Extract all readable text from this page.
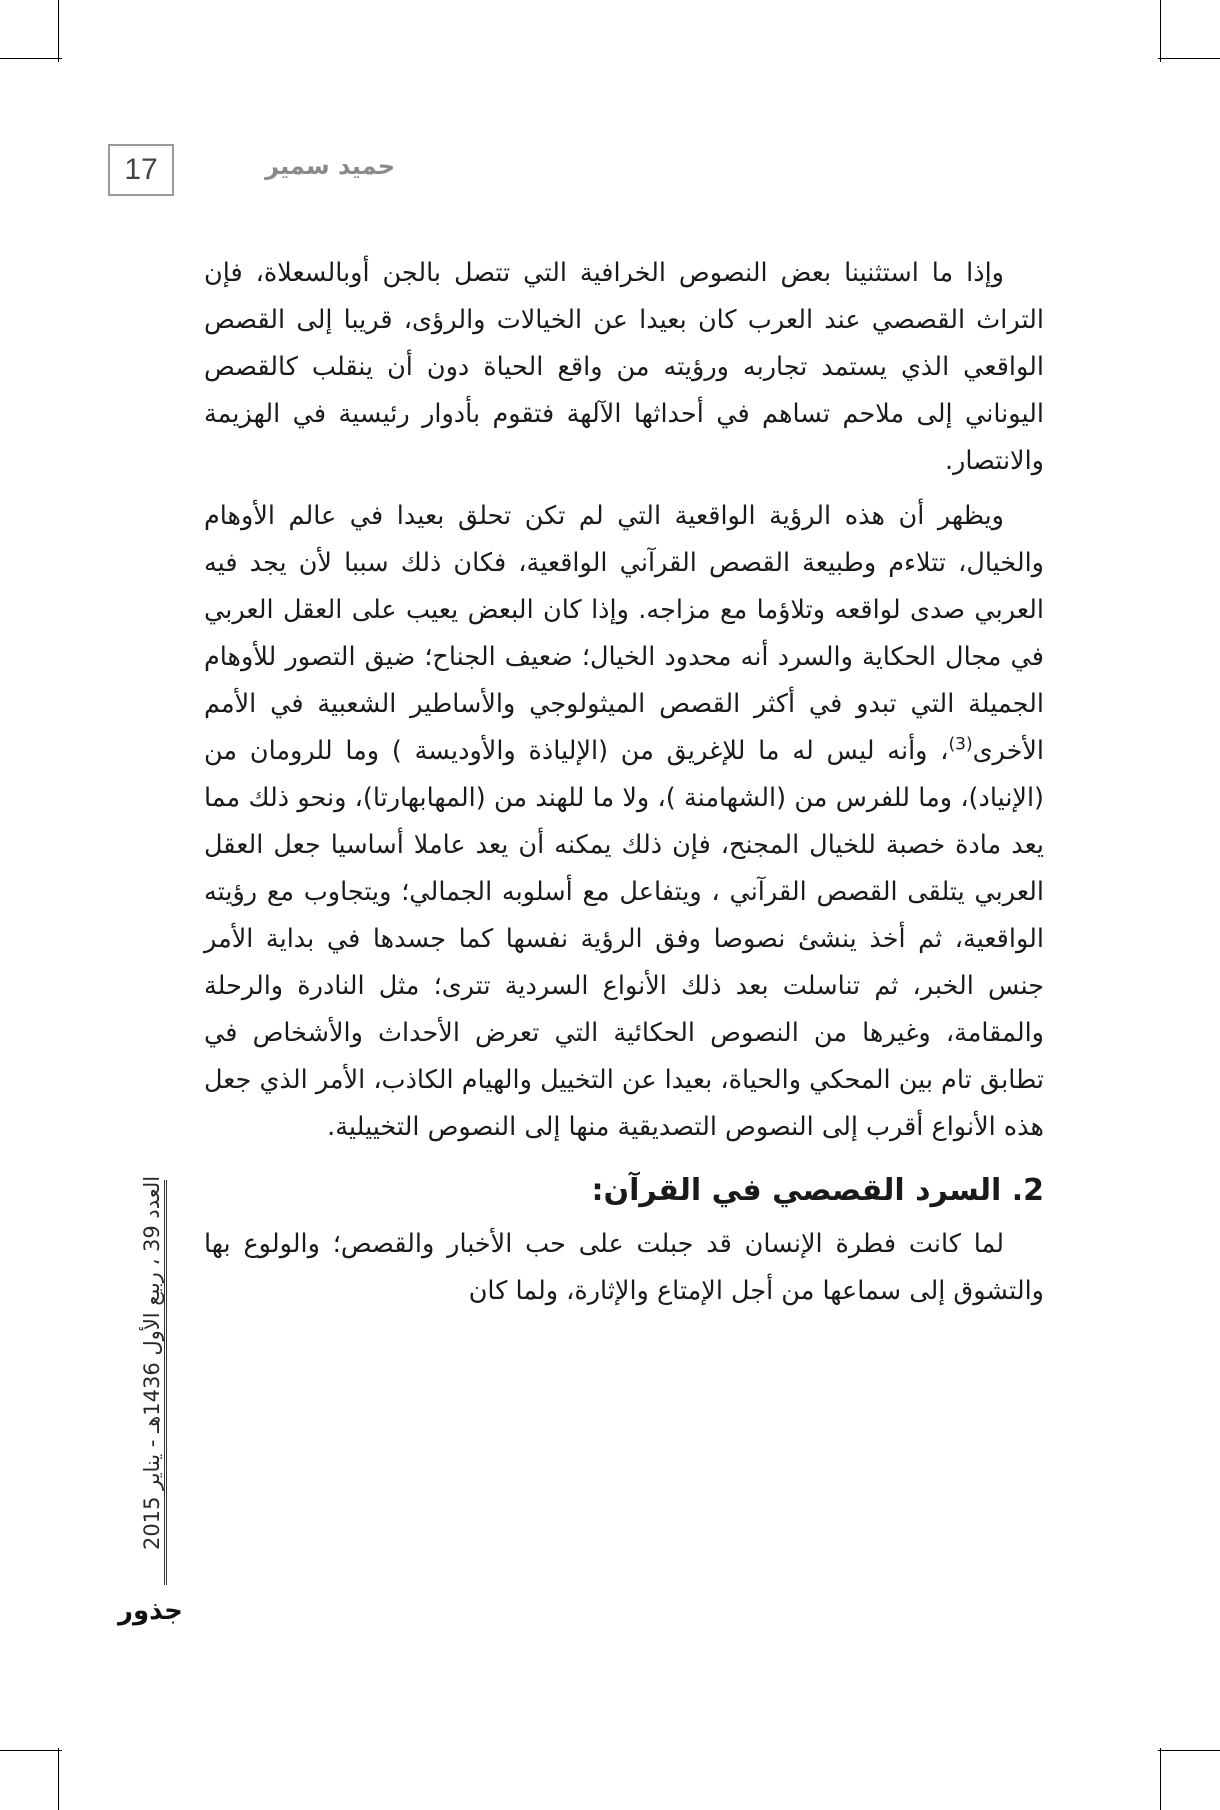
17	حميد سمير

وإذا ما استثنينا بعض النصوص الخرافية التي تتصل بالجن أوبالسعلاة، فإن التراث القصصي عند العرب كان بعيدا عن الخيالات والرؤى، قريبا إلى القصص الواقعي الذي يستمد تجاربه ورؤيته من واقع الحياة دون أن ينقلب كالقصص اليوناني إلى ملاحم تساهم في أحداثها الآلهة فتقوم بأدوار رئيسية في الهزيمة والانتصار.

ويظهر أن هذه الرؤية الواقعية التي لم تكن تحلق بعيدا في عالم الأوهام والخيال، تتلاءم وطبيعة القصص القرآني الواقعية، فكان ذلك سببا لأن يجد فيه العربي صدى لواقعه وتلاؤما مع مزاجه. وإذا كان البعض يعيب على العقل العربي في مجال الحكاية والسرد أنه محدود الخيال؛ ضعيف الجناح؛ ضيق التصور للأوهام الجميلة التي تبدو في أكثر القصص الميثولوجي والأساطير الشعبية في الأمم الأخرى$^{(3)}$، وأنه ليس له ما للإغريق من (الإلياذة والأوديسة ) وما للرومان من (الإنياد)، وما للفرس من (الشهامنة )، ولا ما للهند من (المهابهارتا)، ونحو ذلك مما يعد مادة خصبة للخيال المجنح، فإن ذلك يمكنه أن يعد عاملا أساسيا جعل العقل العربي يتلقى القصص القرآني ، ويتفاعل مع أسلوبه الجمالي؛ ويتجاوب مع رؤيته الواقعية، ثم أخذ ينشئ نصوصا وفق الرؤية نفسها كما جسدها في بداية الأمر جنس الخبر، ثم تناسلت بعد ذلك الأنواع السردية تترى؛ مثل النادرة والرحلة والمقامة، وغيرها من النصوص الحكائية التي تعرض الأحداث والأشخاص في تطابق تام بين المحكي والحياة، بعيدا عن التخييل والهيام الكاذب، الأمر الذي جعل هذه الأنواع أقرب إلى النصوص التصديقية منها إلى النصوص التخييلية.

2. السرد القصصي في القرآن:

لما كانت فطرة الإنسان قد جبلت على حب الأخبار والقصص؛ والولوع بها والتشوق إلى سماعها من أجل الإمتاع والإثارة، ولما كان

العدد 39 ، ربيع الأول 1436هـ - يناير 2015
جذور
